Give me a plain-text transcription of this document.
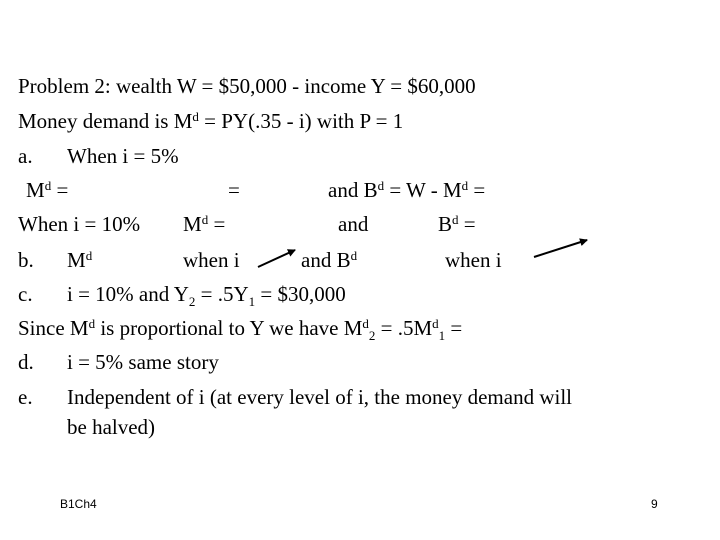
Problem 2: wealth W = $50,000 - income Y = $60,000
Money demand is $M^d = PY(.35 - i)$ with P = 1
a. When i = 5%
$M^d$ =	=	and $B^d = W - M^d$ =
When i = 10% $M^d$ =	and	$B^d$ =
b. $M^d$	when i	and $B^d$	when i
c. i = 10% and $Y_2 = .5Y_1$ = $30,000
Since $M^d$ is proportional to Y we have $M^d_2 = .5M^d_1$ =
d. i = 5% same story
e. Independent of i (at every level of i, the money demand will
be halved)
B1Ch4	9
